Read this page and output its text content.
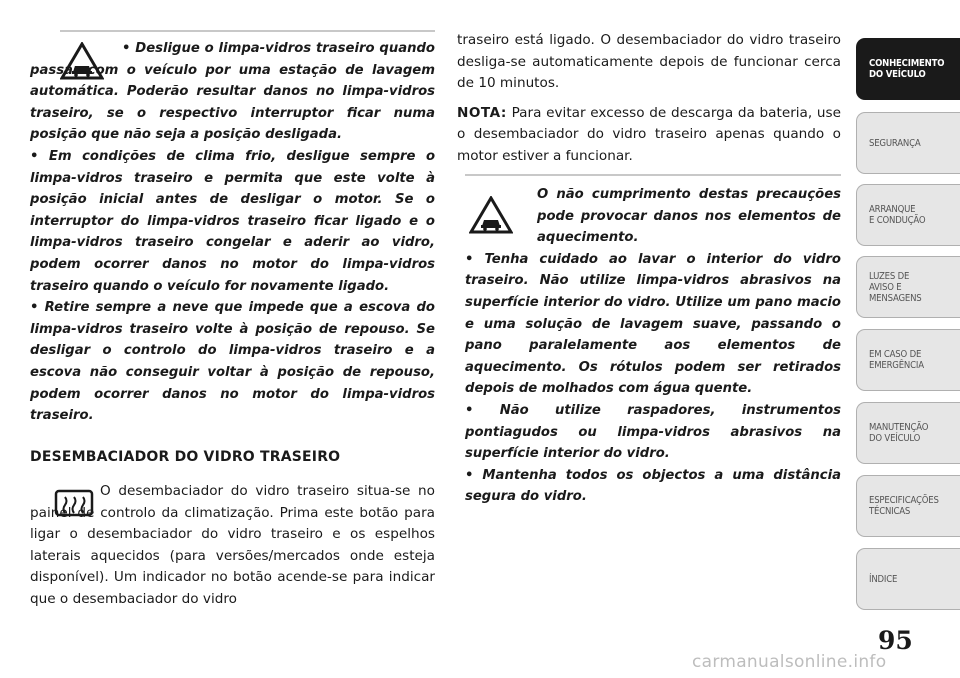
• Desligue o limpa-vidros traseiro quando passar com o veículo por uma estação de lavagem automática. Poderão resultar danos no limpa-vidros traseiro, se o respectivo interruptor ficar numa posição que não seja a posição desligada.

• Em condições de clima frio, desligue sempre o limpa-vidros traseiro e permita que este volte à posição inicial antes de desligar o motor. Se o interruptor do limpa-vidros traseiro ficar ligado e o limpa-vidros traseiro congelar e aderir ao vidro, podem ocorrer danos no motor do limpa-vidros traseiro quando o veículo for novamente ligado.

• Retire sempre a neve que impede que a escova do limpa-vidros traseiro volte à posição de repouso. Se desligar o controlo do limpa-vidros traseiro e a escova não conseguir voltar à posição de repouso, podem ocorrer danos no motor do limpa-vidros traseiro.

DESEMBACIADOR DO VIDRO TRASEIRO

O desembaciador do vidro traseiro situa-se no painel de controlo da climatização. Prima este botão para ligar o desembaciador do vidro traseiro e os espelhos laterais aquecidos (para versões/mercados onde esteja disponível). Um indicador no botão acende-se para indicar que o desembaciador do vidro

traseiro está ligado. O desembaciador do vidro traseiro desliga-se automaticamente depois de funcionar cerca de 10 minutos.

NOTA: Para evitar excesso de descarga da bateria, use o desembaciador do vidro traseiro apenas quando o motor estiver a funcionar.

O não cumprimento destas precauções pode provocar danos nos elementos de aquecimento.

• Tenha cuidado ao lavar o interior do vidro traseiro. Não utilize limpa-vidros abrasivos na superfície interior do vidro. Utilize um pano macio e uma solução de lavagem suave, passando o pano paralelamente aos elementos de aquecimento. Os rótulos podem ser retirados depois de molhados com água quente.

• Não utilize raspadores, instrumentos pontiagudos ou limpa-vidros abrasivos na superfície interior do vidro.

• Mantenha todos os objectos a uma distância segura do vidro.

CONHECIMENTO
DO VEÍCULO
SEGURANÇA
ARRANQUE
E CONDUÇÃO
LUZES DE
AVISO E
MENSAGENS
EM CASO DE
EMERGÊNCIA
MANUTENÇÃO
DO VEÍCULO
ESPECIFICAÇÕES
TÉCNICAS
ÍNDICE
95
carmanualsonline.info
